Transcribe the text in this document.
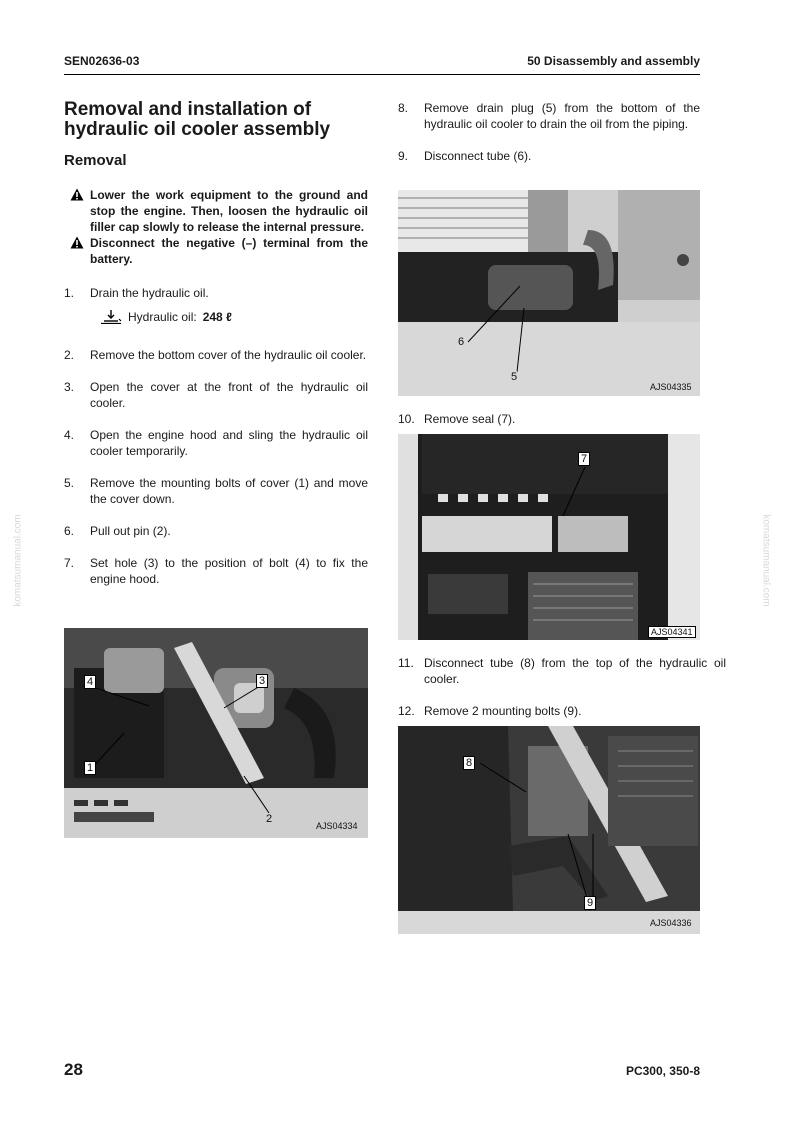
SEN02636-03	50 Disassembly and assembly
komatsumanual.com	komatsumanual.com
Removal and installation of hydraulic oil cooler assembly
Removal
Lower the work equipment to the ground and stop the engine. Then, loosen the hydraulic oil filler cap slowly to release the internal pressure.
Disconnect the negative (–) terminal from the battery.
1. Drain the hydraulic oil.
Hydraulic oil: 248 ℓ
2. Remove the bottom cover of the hydraulic oil cooler.
3. Open the cover at the front of the hydraulic oil cooler.
4. Open the engine hood and sling the hydraulic oil cooler temporarily.
5. Remove the mounting bolts of cover (1) and move the cover down.
6. Pull out pin (2).
7. Set hole (3) to the position of bolt (4) to fix the engine hood.
4	3
1
2
AJS04334
8. Remove drain plug (5) from the bottom of the hydraulic oil cooler to drain the oil from the piping.
9. Disconnect tube (6).
6
5
AJS04335
10. Remove seal (7).
7
AJS04341
11. Disconnect tube (8) from the top of the hydraulic oil cooler.
12. Remove 2 mounting bolts (9).
8
9
AJS04336
28	PC300, 350-8
